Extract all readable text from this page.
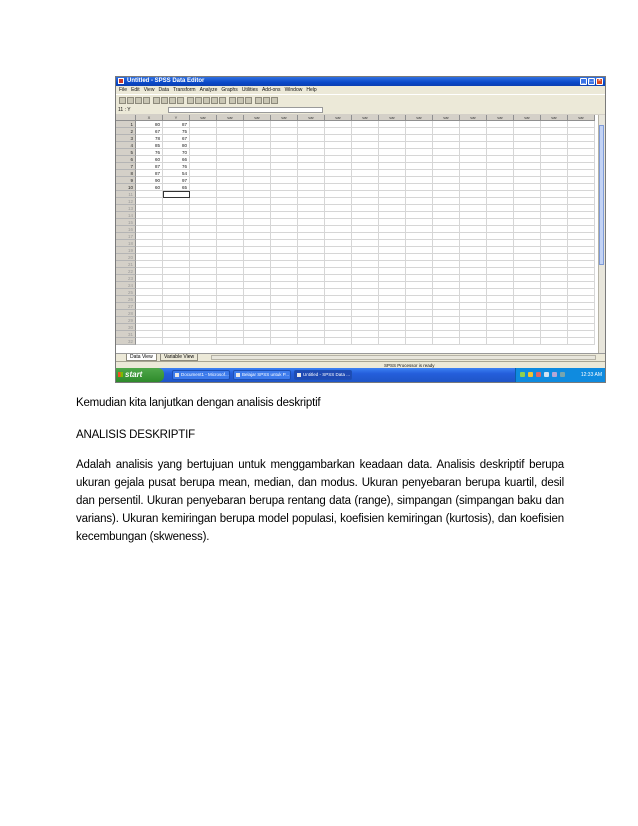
Untitled - SPSS Data Editor	_ □ ×
File Edit View Data Transform Analyze Graphs Utilities Add-ons Window Help
11 : Y
X	Y	var	var	var	var	var	var	var	var	var	var	var	var	var	var	var
1	80	87
2	67	75
3	78	67
4	85	80
5	76	70
6	60	66
7	87	76
8	87	54
9	90	97
10	60	65
11
12
13
14
15
16
17
18
19
20
21
22
23
24
25
26
27
28
29
30
31
32
Data View	Variable View
SPSS Processor is ready
start	Document1 - Microsof...	Belajar SPSS untuk P...	Untitled - SPSS Data ...	12:33 AM

Kemudian kita lanjutkan dengan analisis deskriptif

ANALISIS DESKRIPTIF

Adalah analisis yang bertujuan untuk menggambarkan keadaan data. Analisis deskriptif berupa ukuran gejala pusat berupa mean, median, dan modus. Ukuran penyebaran berupa kuartil, desil dan persentil. Ukuran penyebaran berupa rentang data (range), simpangan (simpangan baku dan varians). Ukuran kemiringan berupa model populasi, koefisien kemiringan (kurtosis), dan koefisien kecembungan (skweness).
